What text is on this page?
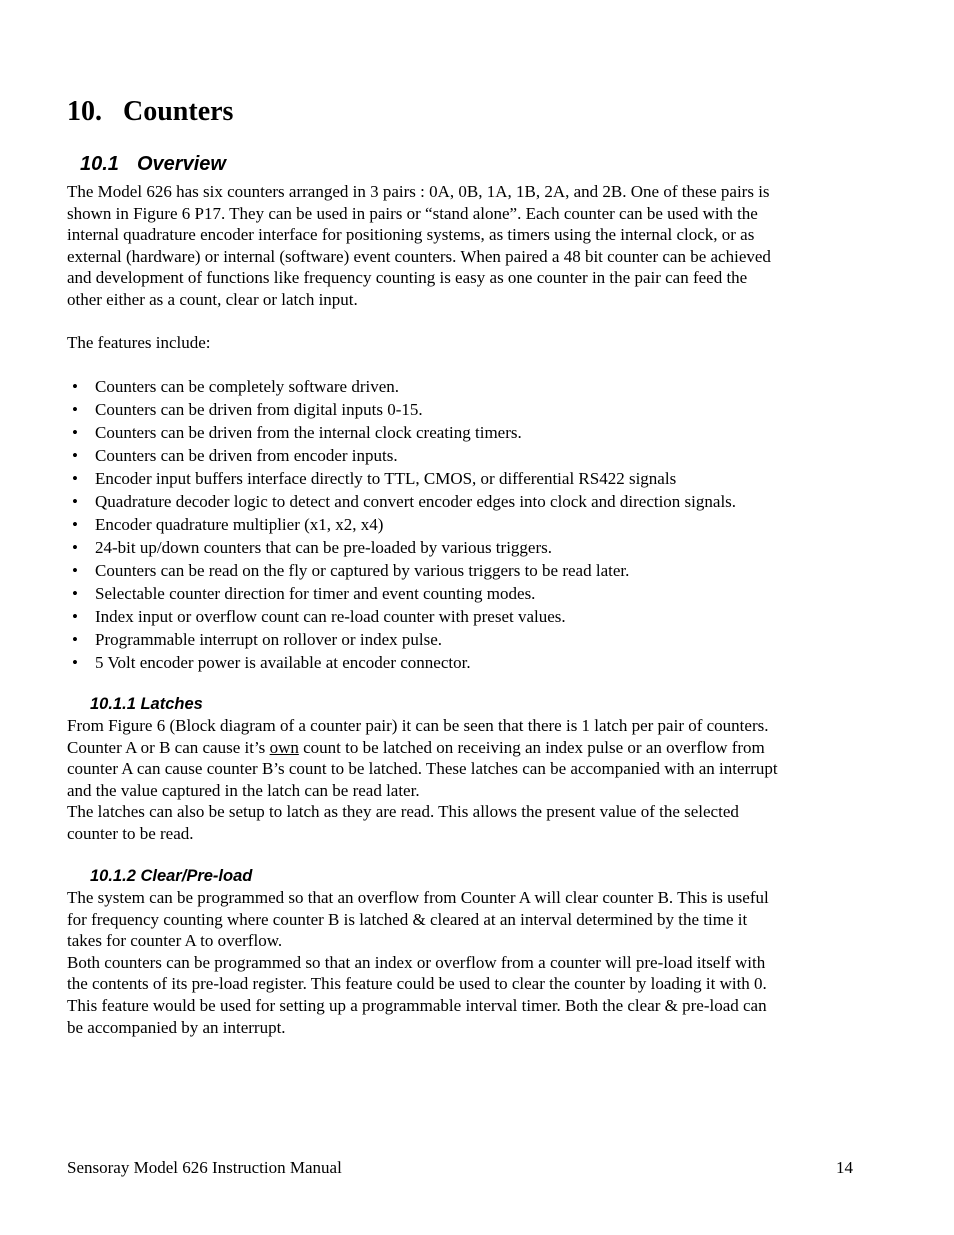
10. Counters
10.1 Overview
The Model 626 has six counters arranged in 3 pairs : 0A, 0B, 1A, 1B, 2A, and 2B. One of these pairs is
shown in Figure 6 P17. They can be used in pairs or “stand alone”. Each counter can be used with the
internal quadrature encoder interface for positioning systems, as timers using the internal clock, or as
external (hardware) or internal (software) event counters. When paired a 48 bit counter can be achieved
and development of functions like frequency counting is easy as one counter in the pair can feed the
other either as a count, clear or latch input.
The features include:
• Counters can be completely software driven.
• Counters can be driven from digital inputs 0-15.
• Counters can be driven from the internal clock creating timers.
• Counters can be driven from encoder inputs.
• Encoder input buffers interface directly to TTL, CMOS, or differential RS422 signals
• Quadrature decoder logic to detect and convert encoder edges into clock and direction signals.
• Encoder quadrature multiplier (x1, x2, x4)
• 24-bit up/down counters that can be pre-loaded by various triggers.
• Counters can be read on the fly or captured by various triggers to be read later.
• Selectable counter direction for timer and event counting modes.
• Index input or overflow count can re-load counter with preset values.
• Programmable interrupt on rollover or index pulse.
• 5 Volt encoder power is available at encoder connector.
10.1.1 Latches
From Figure 6 (Block diagram of a counter pair) it can be seen that there is 1 latch per pair of counters.
Counter A or B can cause it’s own count to be latched on receiving an index pulse or an overflow from
counter A can cause counter B’s count to be latched. These latches can be accompanied with an interrupt
and the value captured in the latch can be read later.
The latches can also be setup to latch as they are read. This allows the present value of the selected
counter to be read.
10.1.2 Clear/Pre-load
The system can be programmed so that an overflow from Counter A will clear counter B. This is useful
for frequency counting where counter B is latched & cleared at an interval determined by the time it
takes for counter A to overflow.
Both counters can be programmed so that an index or overflow from a counter will pre-load itself with
the contents of its pre-load register. This feature could be used to clear the counter by loading it with 0.
This feature would be used for setting up a programmable interval timer. Both the clear & pre-load can
be accompanied by an interrupt.
Sensoray Model 626 Instruction Manual	14
